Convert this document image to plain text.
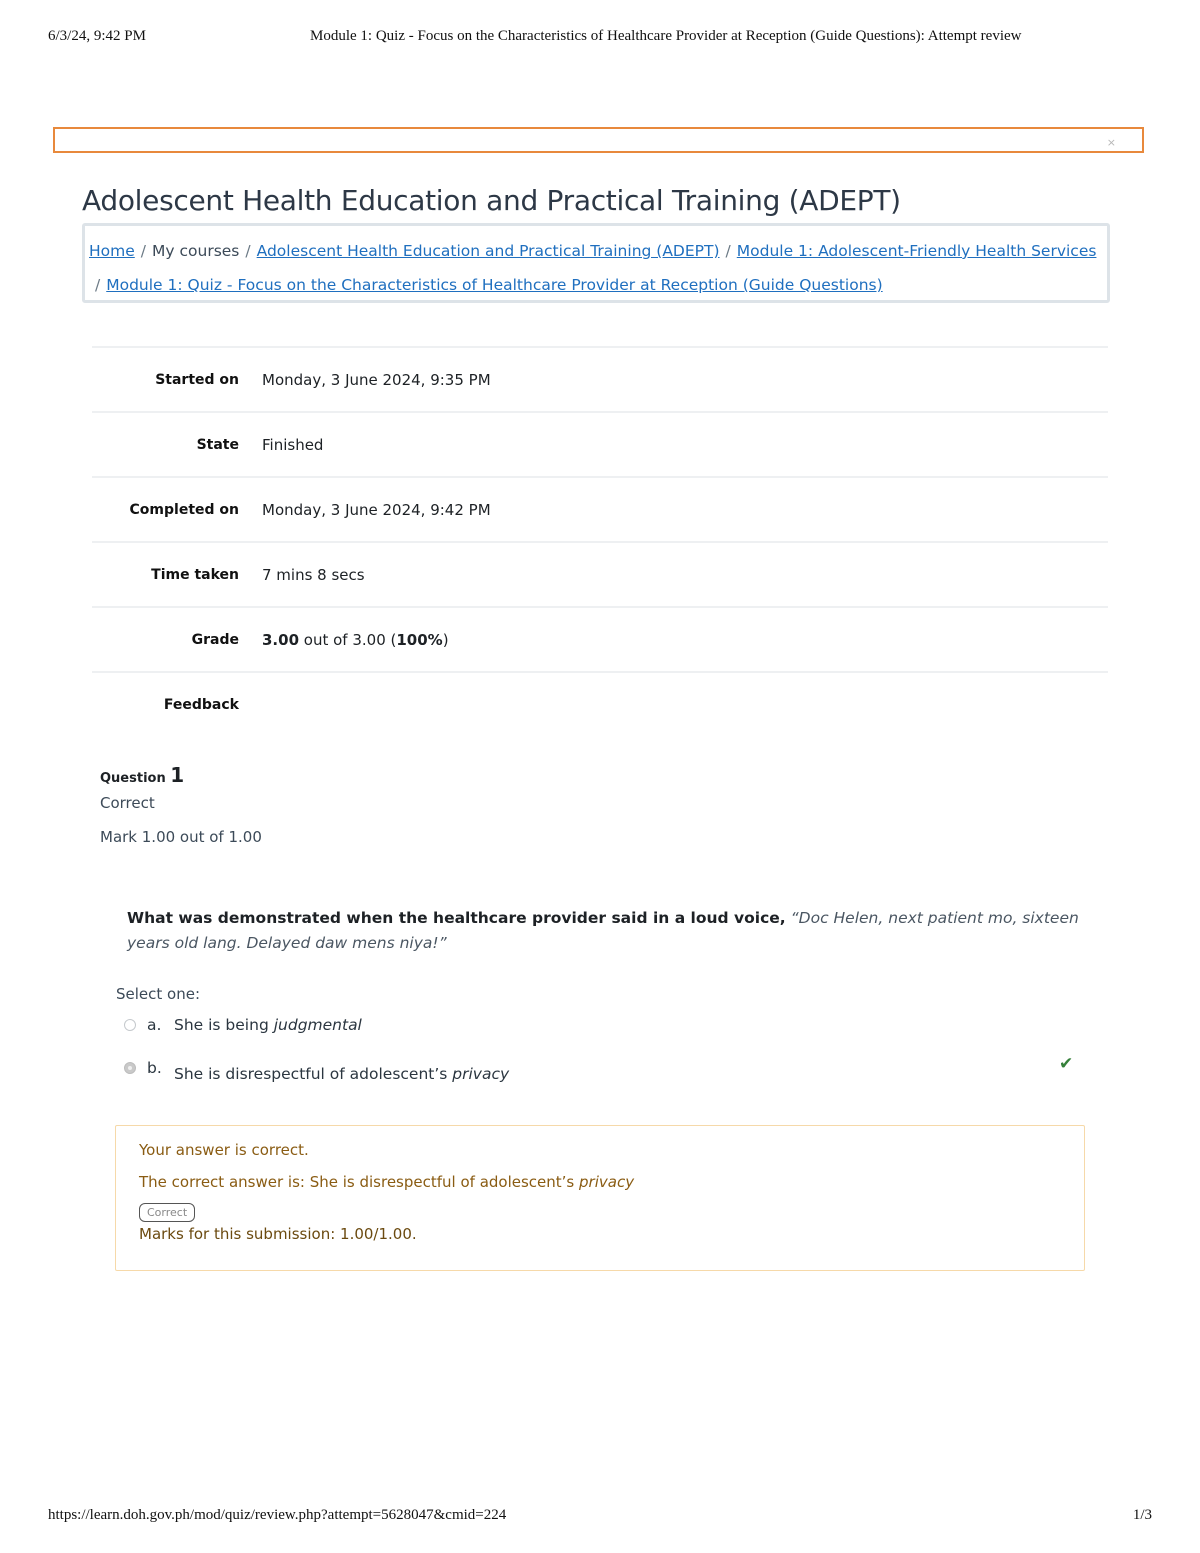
6/3/24, 9:42 PM	Module 1: Quiz - Focus on the Characteristics of Healthcare Provider at Reception (Guide Questions): Attempt review
×
Adolescent Health Education and Practical Training (ADEPT)
Home / My courses / Adolescent Health Education and Practical Training (ADEPT) / Module 1: Adolescent-Friendly Health Services
/ Module 1: Quiz - Focus on the Characteristics of Healthcare Provider at Reception (Guide Questions)
Started on	Monday, 3 June 2024, 9:35 PM
State	Finished
Completed on	Monday, 3 June 2024, 9:42 PM
Time taken	7 mins 8 secs
Grade	3.00 out of 3.00 (100%)
Feedback	
Question 1
Correct
Mark 1.00 out of 1.00
What was demonstrated when the healthcare provider said in a loud voice, “Doc Helen, next patient mo, sixteen years old lang. Delayed daw mens niya!”
Select one:
a. She is being judgmental
b. She is disrespectful of adolescent’s privacy	✔
Your answer is correct.
The correct answer is: She is disrespectful of adolescent’s privacy
Correct
Marks for this submission: 1.00/1.00.
https://learn.doh.gov.ph/mod/quiz/review.php?attempt=5628047&cmid=224	1/3
